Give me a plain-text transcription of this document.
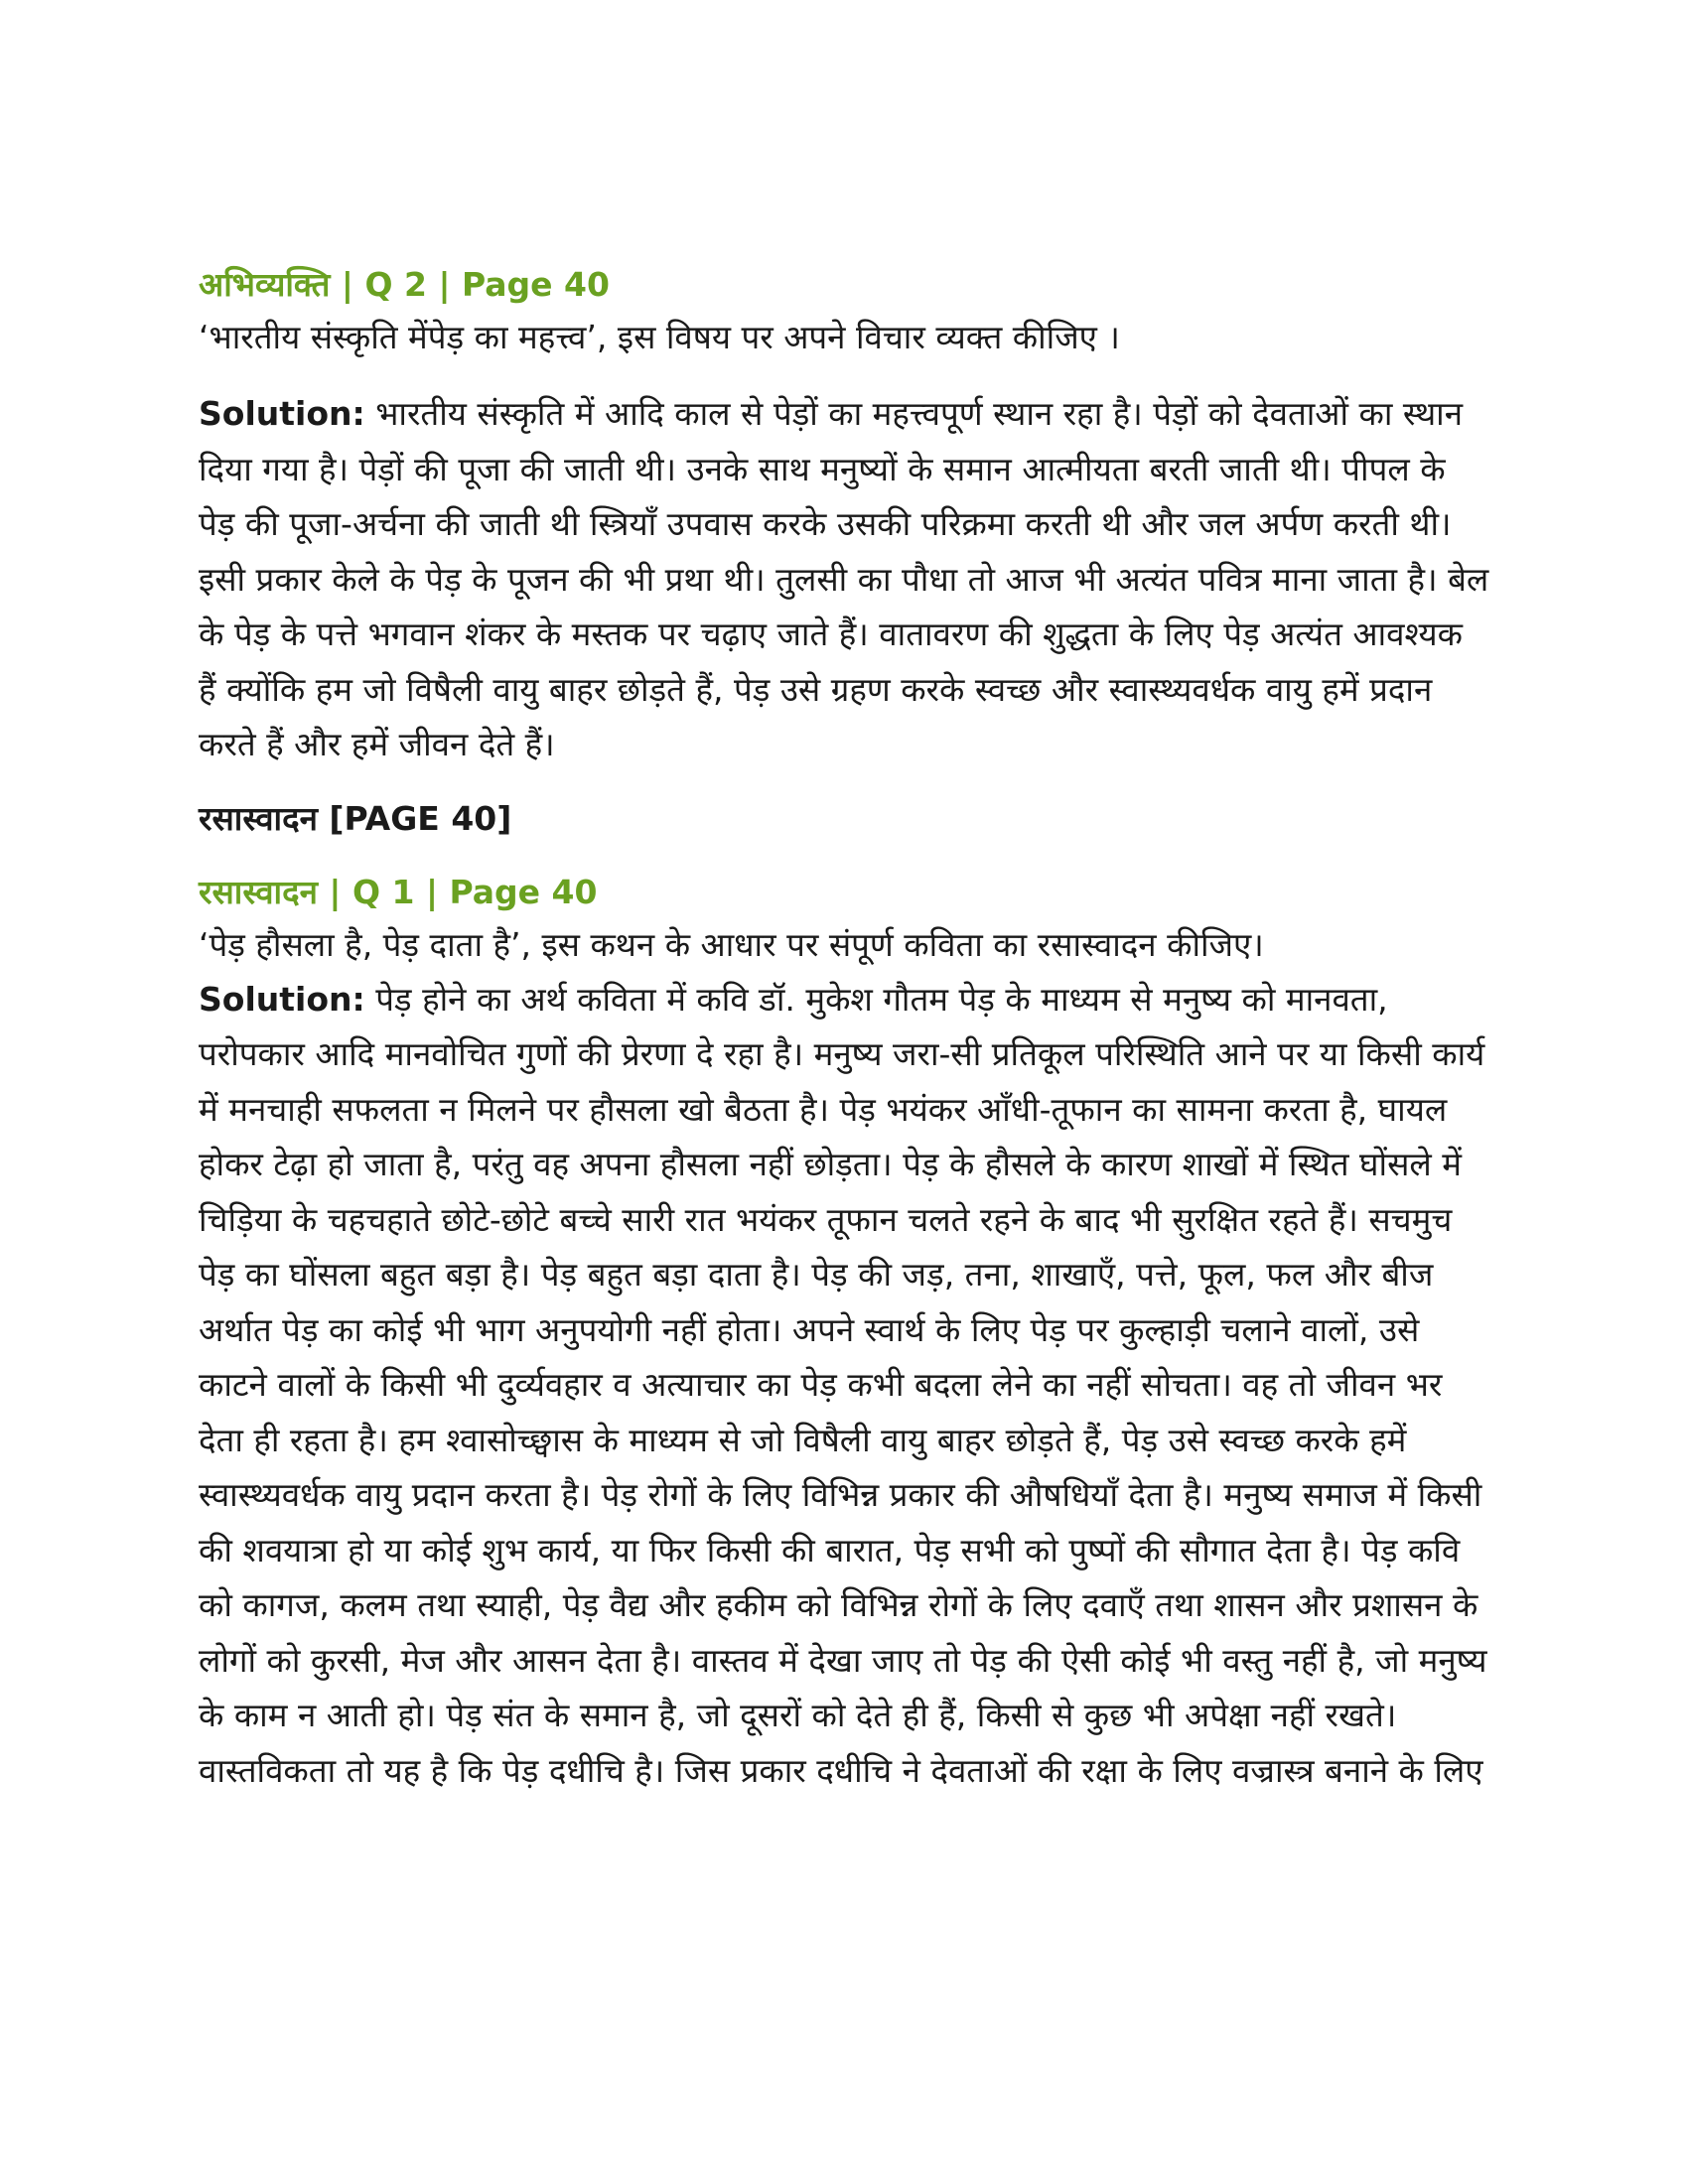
अभिव्यक्ति | Q 2 | Page 40

‘भारतीय संस्कृति मेंपेड़ का महत्त्व’, इस विषय पर अपने विचार व्यक्त कीजिए ।

Solution: भारतीय संस्कृति में आदि काल से पेड़ों का महत्त्वपूर्ण स्थान रहा है। पेड़ों को देवताओं का स्थान दिया गया है। पेड़ों की पूजा की जाती थी। उनके साथ मनुष्यों के समान आत्मीयता बरती जाती थी। पीपल के पेड़ की पूजा-अर्चना की जाती थी स्त्रियाँ उपवास करके उसकी परिक्रमा करती थी और जल अर्पण करती थी। इसी प्रकार केले के पेड़ के पूजन की भी प्रथा थी। तुलसी का पौधा तो आज भी अत्यंत पवित्र माना जाता है। बेल के पेड़ के पत्ते भगवान शंकर के मस्तक पर चढ़ाए जाते हैं। वातावरण की शुद्धता के लिए पेड़ अत्यंत आवश्यक हैं क्योंकि हम जो विषैली वायु बाहर छोड़ते हैं, पेड़ उसे ग्रहण करके स्वच्छ और स्वास्थ्यवर्धक वायु हमें प्रदान करते हैं और हमें जीवन देते हैं।

रसास्वादन [PAGE 40]

रसास्वादन | Q 1 | Page 40

‘पेड़ हौसला है, पेड़ दाता है’, इस कथन के आधार पर संपूर्ण कविता का रसास्वादन कीजिए।

Solution: पेड़ होने का अर्थ कविता में कवि डॉ. मुकेश गौतम पेड़ के माध्यम से मनुष्य को मानवता, परोपकार आदि मानवोचित गुणों की प्रेरणा दे रहा है। मनुष्य जरा-सी प्रतिकूल परिस्थिति आने पर या किसी कार्य में मनचाही सफलता न मिलने पर हौसला खो बैठता है। पेड़ भयंकर आँधी-तूफान का सामना करता है, घायल होकर टेढ़ा हो जाता है, परंतु वह अपना हौसला नहीं छोड़ता। पेड़ के हौसले के कारण शाखों में स्थित घोंसले में चिड़िया के चहचहाते छोटे-छोटे बच्चे सारी रात भयंकर तूफान चलते रहने के बाद भी सुरक्षित रहते हैं। सचमुच पेड़ का घोंसला बहुत बड़ा है। पेड़ बहुत बड़ा दाता है। पेड़ की जड़, तना, शाखाएँ, पत्ते, फूल, फल और बीज अर्थात पेड़ का कोई भी भाग अनुपयोगी नहीं होता। अपने स्वार्थ के लिए पेड़ पर कुल्हाड़ी चलाने वालों, उसे काटने वालों के किसी भी दुर्व्यवहार व अत्याचार का पेड़ कभी बदला लेने का नहीं सोचता। वह तो जीवन भर देता ही रहता है। हम श्वासोच्छ्वास के माध्यम से जो विषैली वायु बाहर छोड़ते हैं, पेड़ उसे स्वच्छ करके हमें स्वास्थ्यवर्धक वायु प्रदान करता है। पेड़ रोगों के लिए विभिन्न प्रकार की औषधियाँ देता है। मनुष्य समाज में किसी की शवयात्रा हो या कोई शुभ कार्य, या फिर किसी की बारात, पेड़ सभी को पुष्पों की सौगात देता है। पेड़ कवि को कागज, कलम तथा स्याही, पेड़ वैद्य और हकीम को विभिन्न रोगों के लिए दवाएँ तथा शासन और प्रशासन के लोगों को कुरसी, मेज और आसन देता है। वास्तव में देखा जाए तो पेड़ की ऐसी कोई भी वस्तु नहीं है, जो मनुष्य के काम न आती हो। पेड़ संत के समान है, जो दूसरों को देते ही हैं, किसी से कुछ भी अपेक्षा नहीं रखते। वास्तविकता तो यह है कि पेड़ दधीचि है। जिस प्रकार दधीचि ने देवताओं की रक्षा के लिए वज्रास्त्र बनाने के लिए
